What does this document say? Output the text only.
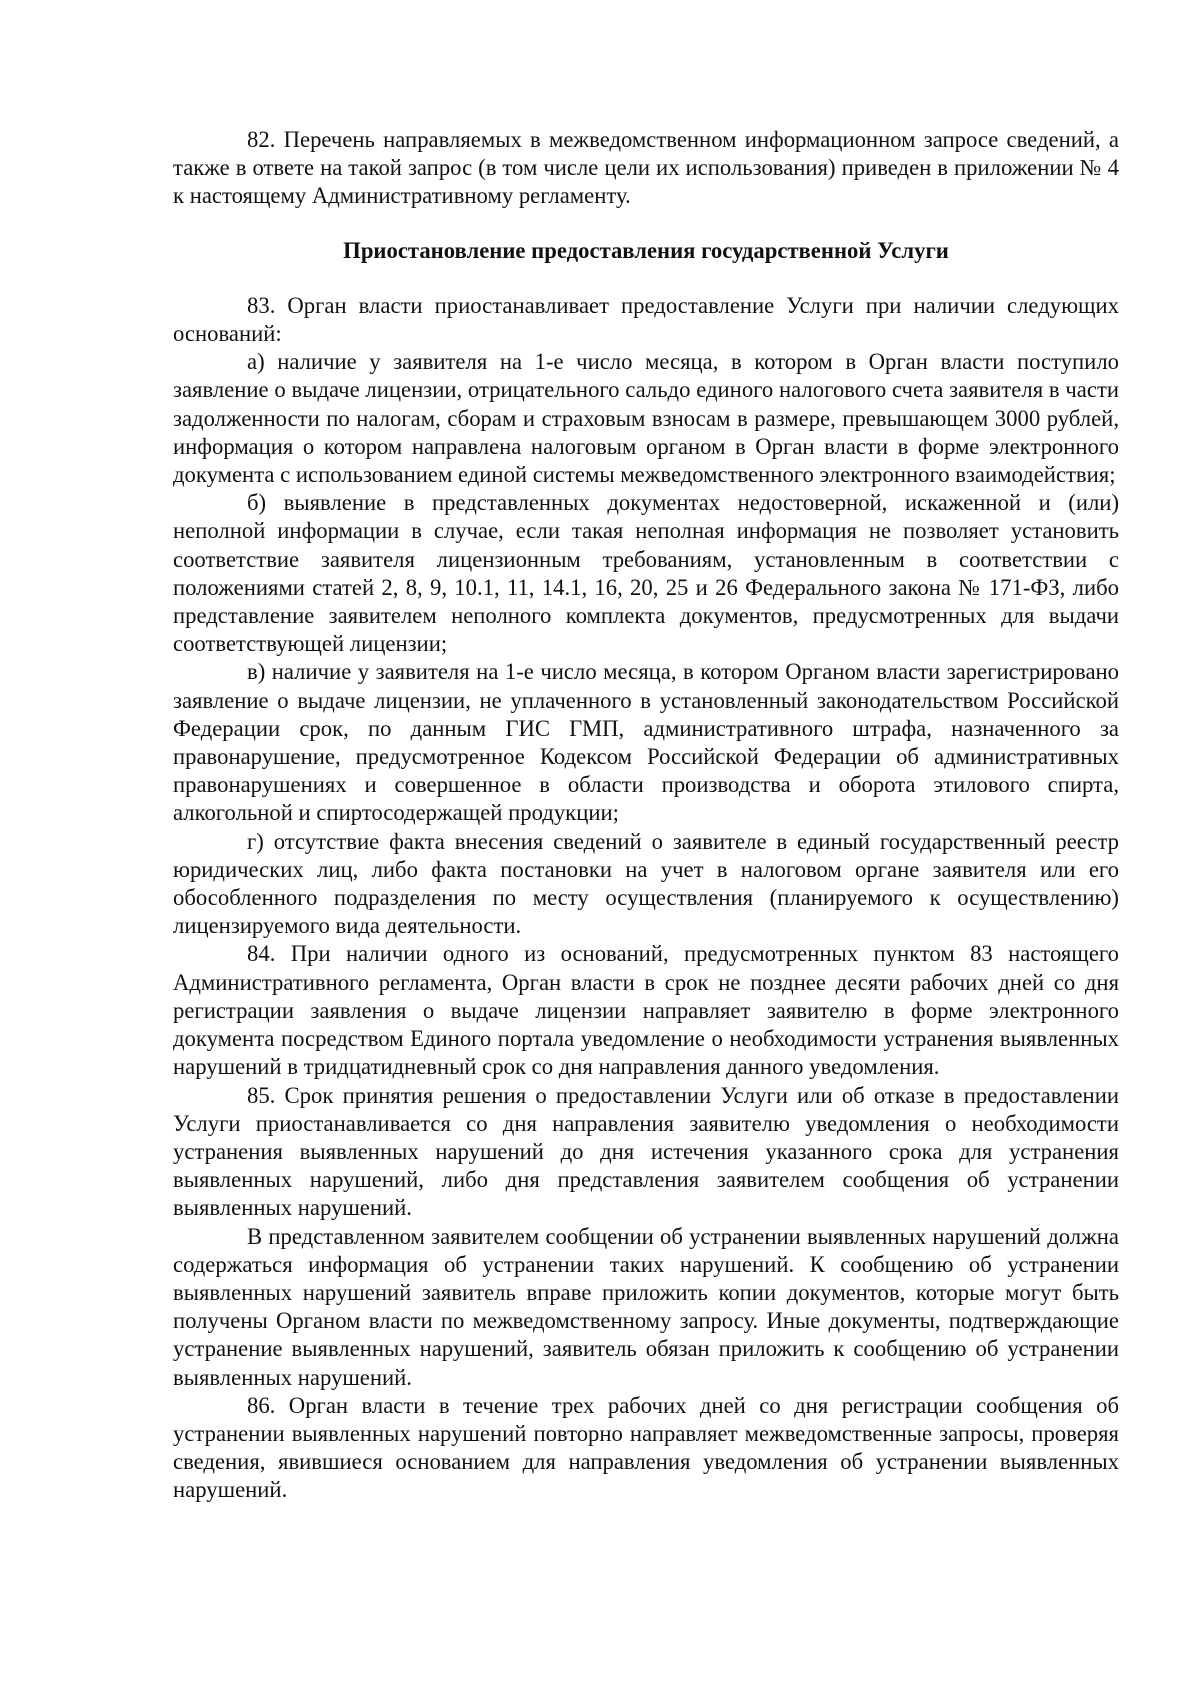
82. Перечень направляемых в межведомственном информационном запросе сведений, а также в ответе на такой запрос (в том числе цели их использования) приведен в приложении № 4 к настоящему Административному регламенту.

Приостановление предоставления государственной Услуги

83. Орган власти приостанавливает предоставление Услуги при наличии следующих оснований:

а) наличие у заявителя на 1-е число месяца, в котором в Орган власти поступило заявление о выдаче лицензии, отрицательного сальдо единого налогового счета заявителя в части задолженности по налогам, сборам и страховым взносам в размере, превышающем 3000 рублей, информация о котором направлена налоговым органом в Орган власти в форме электронного документа с использованием единой системы межведомственного электронного взаимодействия;

б) выявление в представленных документах недостоверной, искаженной и (или) неполной информации в случае, если такая неполная информация не позволяет установить соответствие заявителя лицензионным требованиям, установленным в соответствии с положениями статей 2, 8, 9, 10.1, 11, 14.1, 16, 20, 25 и 26 Федерального закона № 171-ФЗ, либо представление заявителем неполного комплекта документов, предусмотренных для выдачи соответствующей лицензии;

в) наличие у заявителя на 1-е число месяца, в котором Органом власти зарегистрировано заявление о выдаче лицензии, не уплаченного в установленный законодательством Российской Федерации срок, по данным ГИС ГМП, административного штрафа, назначенного за правонарушение, предусмотренное Кодексом Российской Федерации об административных правонарушениях и совершенное в области производства и оборота этилового спирта, алкогольной и спиртосодержащей продукции;

г) отсутствие факта внесения сведений о заявителе в единый государственный реестр юридических лиц, либо факта постановки на учет в налоговом органе заявителя или его обособленного подразделения по месту осуществления (планируемого к осуществлению) лицензируемого вида деятельности.

84. При наличии одного из оснований, предусмотренных пунктом 83 настоящего Административного регламента, Орган власти в срок не позднее десяти рабочих дней со дня регистрации заявления о выдаче лицензии направляет заявителю в форме электронного документа посредством Единого портала уведомление о необходимости устранения выявленных нарушений в тридцатидневный срок со дня направления данного уведомления.

85. Срок принятия решения о предоставлении Услуги или об отказе в предоставлении Услуги приостанавливается со дня направления заявителю уведомления о необходимости устранения выявленных нарушений до дня истечения указанного срока для устранения выявленных нарушений, либо дня представления заявителем сообщения об устранении выявленных нарушений.

В представленном заявителем сообщении об устранении выявленных нарушений должна содержаться информация об устранении таких нарушений. К сообщению об устранении выявленных нарушений заявитель вправе приложить копии документов, которые могут быть получены Органом власти по межведомственному запросу. Иные документы, подтверждающие устранение выявленных нарушений, заявитель обязан приложить к сообщению об устранении выявленных нарушений.

86. Орган власти в течение трех рабочих дней со дня регистрации сообщения об устранении выявленных нарушений повторно направляет межведомственные запросы, проверяя сведения, явившиеся основанием для направления уведомления об устранении выявленных нарушений.
